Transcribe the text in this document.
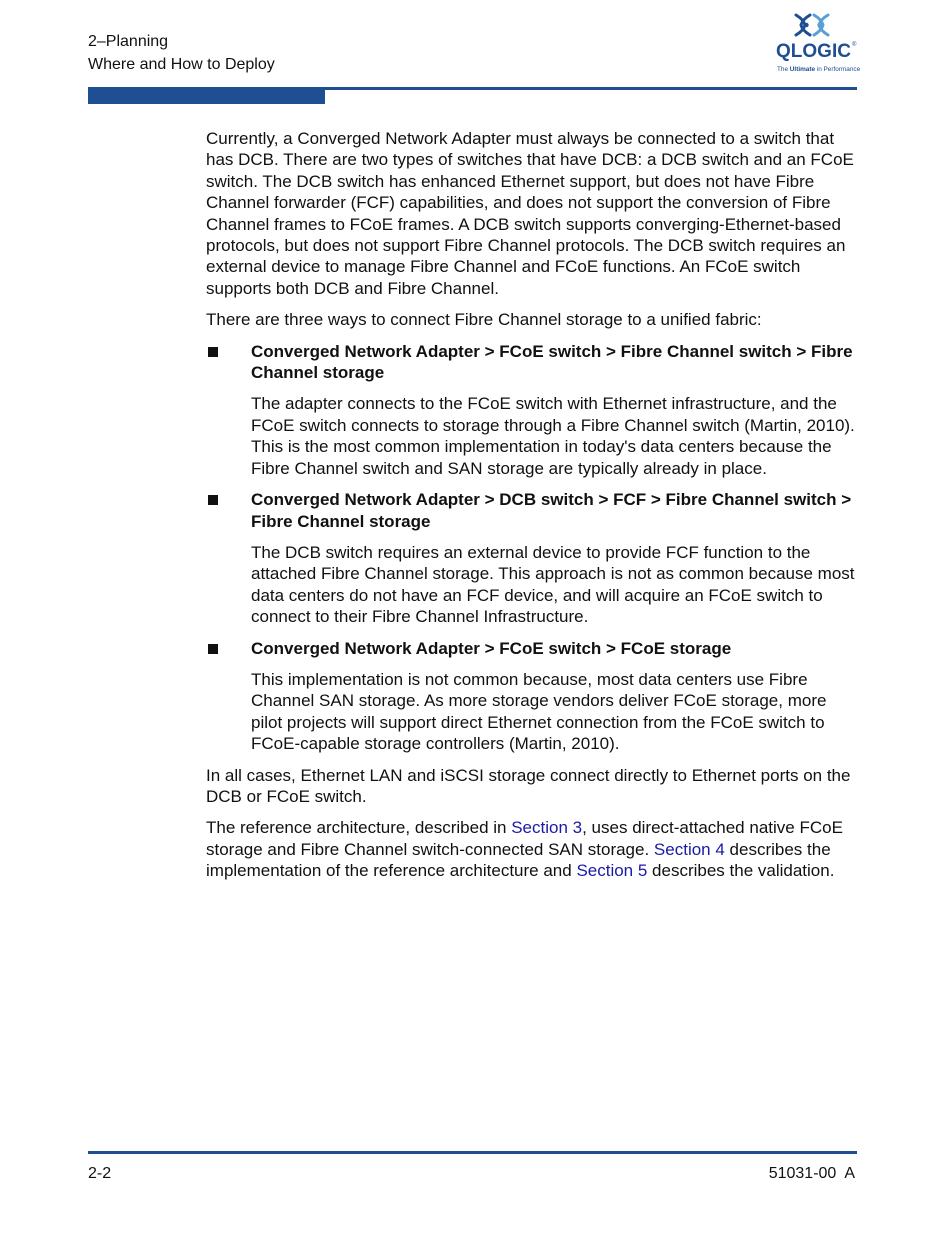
2–Planning
Where and How to Deploy
QLOGIC ®
The Ultimate in Performance

Currently, a Converged Network Adapter must always be connected to a switch that has DCB. There are two types of switches that have DCB: a DCB switch and an FCoE switch. The DCB switch has enhanced Ethernet support, but does not have Fibre Channel forwarder (FCF) capabilities, and does not support the conversion of Fibre Channel frames to FCoE frames. A DCB switch supports converging-Ethernet-based protocols, but does not support Fibre Channel protocols. The DCB switch requires an external device to manage Fibre Channel and FCoE functions. An FCoE switch supports both DCB and Fibre Channel.

There are three ways to connect Fibre Channel storage to a unified fabric:

Converged Network Adapter > FCoE switch > Fibre Channel switch > Fibre Channel storage

The adapter connects to the FCoE switch with Ethernet infrastructure, and the FCoE switch connects to storage through a Fibre Channel switch (Martin, 2010). This is the most common implementation in today's data centers because the Fibre Channel switch and SAN storage are typically already in place.

Converged Network Adapter > DCB switch > FCF > Fibre Channel switch > Fibre Channel storage

The DCB switch requires an external device to provide FCF function to the attached Fibre Channel storage. This approach is not as common because most data centers do not have an FCF device, and will acquire an FCoE switch to connect to their Fibre Channel Infrastructure.

Converged Network Adapter > FCoE switch > FCoE storage

This implementation is not common because, most data centers use Fibre Channel SAN storage. As more storage vendors deliver FCoE storage, more pilot projects will support direct Ethernet connection from the FCoE switch to FCoE-capable storage controllers (Martin, 2010).

In all cases, Ethernet LAN and iSCSI storage connect directly to Ethernet ports on the DCB or FCoE switch.

The reference architecture, described in Section 3, uses direct-attached native FCoE storage and Fibre Channel switch-connected SAN storage. Section 4 describes the implementation of the reference architecture and Section 5 describes the validation.

2-2	51031-00  A
